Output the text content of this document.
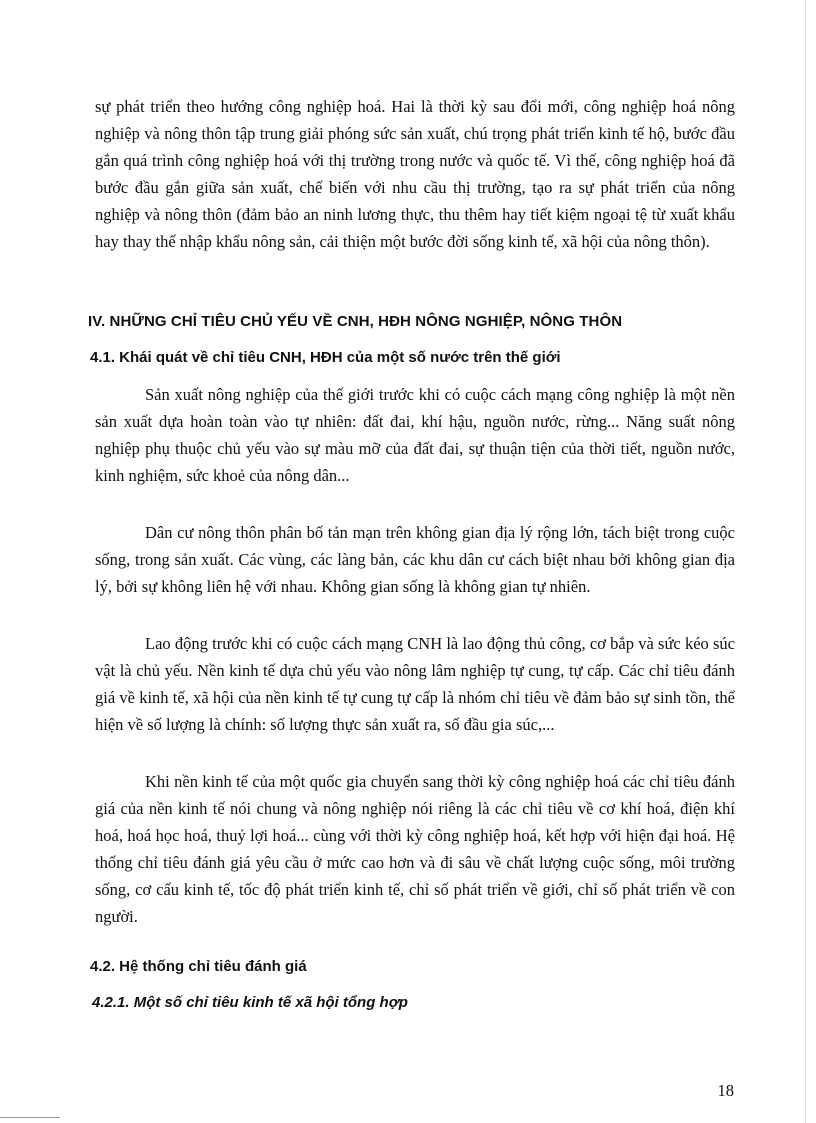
sự phát triển theo hướng công nghiệp hoá. Hai là thời kỳ sau đổi mới, công nghiệp hoá nông nghiệp và nông thôn tập trung giải phóng sức sản xuất, chú trọng phát triển kinh tế hộ, bước đầu gắn quá trình công nghiệp hoá với thị trường trong nước và quốc tế. Vì thế, công nghiệp hoá đã bước đầu gắn giữa sản xuất, chế biến với nhu cầu thị trường, tạo ra sự phát triển của nông nghiệp và nông thôn (đảm bảo an ninh lương thực, thu thêm hay tiết kiệm ngoại tệ từ xuất khẩu hay thay thế nhập khẩu nông sản, cải thiện một bước đời sống kinh tế, xã hội của nông thôn).
IV. NHỮNG CHỈ TIÊU CHỦ YẾU VỀ CNH, HĐH NÔNG NGHIỆP, NÔNG THÔN
4.1. Khái quát về chỉ tiêu CNH, HĐH của một số nước trên thế giới
Sản xuất nông nghiệp của thế giới trước khi có cuộc cách mạng công nghiệp là một nền sản xuất dựa hoàn toàn vào tự nhiên: đất đai, khí hậu, nguồn nước, rừng... Năng suất nông nghiệp phụ thuộc chủ yếu vào sự màu mỡ của đất đai, sự thuận tiện của thời tiết, nguồn nước, kinh nghiệm, sức khoẻ của nông dân...
Dân cư nông thôn phân bố tản mạn trên không gian địa lý rộng lớn, tách biệt trong cuộc sống, trong sản xuất. Các vùng, các làng bản, các khu dân cư cách biệt nhau bởi không gian địa lý, bởi sự không liên hệ với nhau. Không gian sống là không gian tự nhiên.
Lao động trước khi có cuộc cách mạng CNH là lao động thủ công, cơ bắp và sức kéo súc vật là chủ yếu. Nền kinh tế dựa chủ yếu vào nông lâm nghiệp tự cung, tự cấp. Các chỉ tiêu đánh giá về kinh tế, xã hội của nền kinh tế tự cung tự cấp là nhóm chỉ tiêu về đảm bảo sự sinh tồn, thể hiện về số lượng là chính: số lượng thực sản xuất ra, số đầu gia súc,...
Khi nền kinh tế của một quốc gia chuyển sang thời kỳ công nghiệp hoá các chỉ tiêu đánh giá của nền kinh tế nói chung và nông nghiệp nói riêng là các chỉ tiêu về cơ khí hoá, điện khí hoá, hoá học hoá, thuỷ lợi hoá... cùng với thời kỳ công nghiệp hoá, kết hợp với hiện đại hoá. Hệ thống chỉ tiêu đánh giá yêu cầu ở mức cao hơn và đi sâu về chất lượng cuộc sống, môi trường sống, cơ cấu kinh tế, tốc độ phát triển kinh tế, chỉ số phát triển về giới, chỉ số phát triển về con người.
4.2. Hệ thống chỉ tiêu đánh giá
4.2.1. Một số chỉ tiêu kinh tế xã hội tổng hợp
18
